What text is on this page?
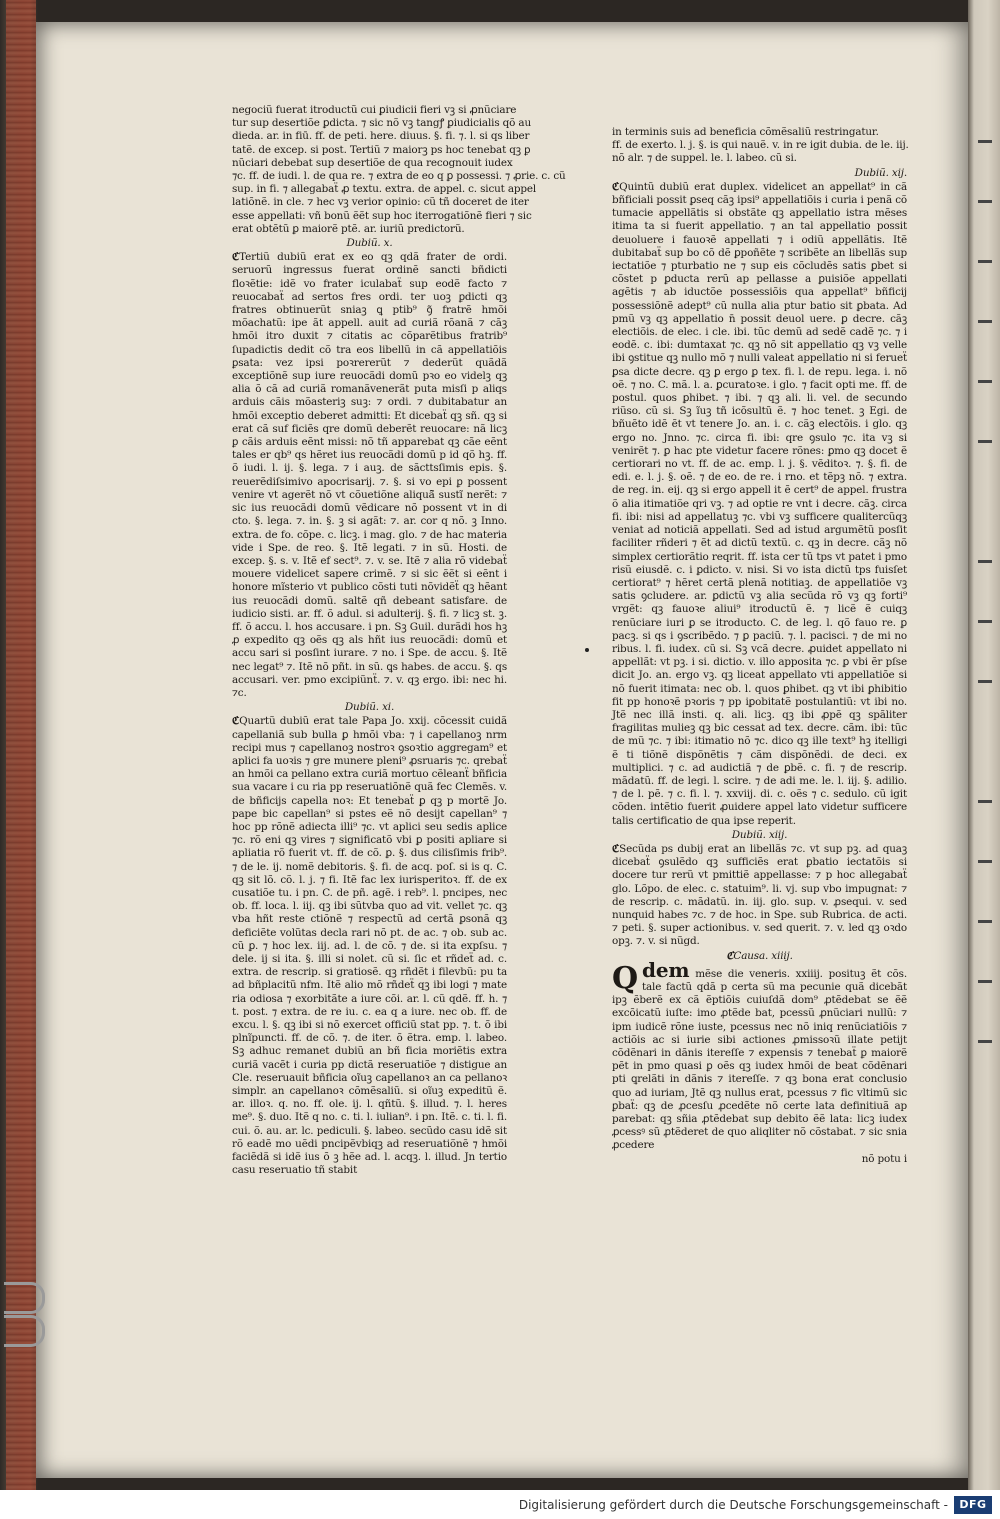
negociũ fuerat itroductũ cui ꝑiudicii fieri vꝫ si ꝓnũciare

tur sup desertiõe ꝑdicta. ⁊ sic nõ vꝫ tangꝭ ꝑiudicialis qõ au

dieda. ar. in fiū. ff. de peti. here. diuus. §. fi. ⁊. l. si qs liber

tatẽ. de excep. si post. Tertiũ ⁊ maiorꝫ ps hoc tenebat qꝫ ꝑ

nũciari debebat sup desertiõe de qua recognouit iudex

⁊c. ff. de iudi. l. de qua re. ⁊ extra de eo q ꝑ possessi. ⁊ ꝓrie. c. cũ

sup. in fi. ⁊ allegabaẗ ꝓ textu. extra. de appel. c. sicut appel

latiõnẽ. in cle. ⁊ hec vꝫ verior opinio: cũ tñ doceret de iter

esse appellati: vñ bonũ ẽẽt sup hoc iterrogatiõnẽ fieri ⁊ sic

erat obtẽtũ ꝑ maiorẽ ptẽ. ar. iuriũ predictorũ.

Dubiũ. x.

ℭTertiũ dubiũ erat ex eo qꝫ qdã frater de ordi. seruorũ ingressus fuerat ordinẽ sancti bñdicti floꝛẽtie: idẽ vo frater iculabaẗ sup eodẽ facto ⁊ reuocabaẗ ad sertos fres ordi. ter uoꝫ ꝑdicti qꝫ fratres obtinuerũt sniaꝫ ꝗ ptib⁹ ꝯ̃ fratrẽ hmõi mõachatũ: ipe ãt appell. auit ad curiã rõanã ⁊ cãꝫ hmõi itro duxit ⁊ citatis ac cõparẽtibus fratrib⁹ ſupadictis dedit cõ tra eos libellũ in cã appellatiõis ꝑsata: vez ipsi poꝛrererũt ⁊ dederũt quãdã exceptiõnẽ sup iure reuocãdi domũ pꝛo eo videlꝫ qꝫ alia õ cã ad curiã romanãvenerãt puta misſi p aliqs arduis cãis mõasteriꝫ suꝫ: ⁊ ordi. ⁊ dubitabatur an hmõi exceptio deberet admitti: Et dicebaẗ qꝫ sñ. qꝫ si erat cã suf ficiẽs qre domũ deberẽt reuocare: nã licꝫ ꝑ cãis arduis eẽnt missi: nõ tñ apparebat qꝫ cãe eẽnt tales er qb⁹ qs hẽret ius reuocãdi domũ p id qõ hꝫ. ff. õ iudi. l. ij. §. lega. ⁊ i auꝫ. de sãcttsſimis epis. §. reuerẽdiſsimivo apocrisarij. ⁊. §. si vo epi ꝑ possent venire vt agerẽt nõ vt cõuetiõne aliquã̃ sustĩ nerẽt: ⁊ sic ius reuocãdi domũ vẽdicare nõ possent vt in di cto. §. lega. ⁊. in. §. ꝫ si agãt: ⁊. ar. cor q nõ. ꝫ Inno. extra. de fo. cõpe. c. licꝫ. i mag. glo. ⁊ de hac materia vide i Spe. de reo. §. Itẽ legati. ⁊ in sũ. Hosti. de excep. §. s. v. Itẽ ef sect⁹. ⁊. v. se. Itẽ ⁊ alia rõ videbaẗ mouere videlicet sapere crimẽ. ⁊ si sic ẽẽt si eẽnt i honore mĩsterio vt publico cõsti tuti nõvidẽẗ qꝫ hẽant ius reuocãdi domũ. saltẽ qñ debeant satisfare. de iudicio sisti. ar. ff. õ adul. si adulterij. §. fi. ⁊ licꝫ st. ꝫ. ff. õ accu. l. hos accusare. i pn. Sꝫ Guil. durãdi hos hꝫ ꝓ expedito qꝫ oẽs qꝫ als hñt ius reuocãdi: domũ et accu sari si posſint iurare. ⁊ no. i Spe. de accu. §. Itẽ nec legat⁹ ⁊. Itẽ nõ pñt. in sũ. ꝗs habes. de accu. §. qs accusari. ver. pmo excipiũnẗ. ⁊. v. qꝫ ergo. ibi: nec hi. ⁊c.

Dubiũ. xi.

ℭQuartũ dubiũ erat tale Papa Jo. xxij. cõcessit cuidã capellaniã sub bulla ꝑ hmõi vba: ⁊ i capellanoꝫ nrm recipi mus ⁊ capellanoꝫ nostroꝛ ꝯsoꝛtio aggregam⁹ et aplici fa uoꝛis ⁊ gre munere pleni⁹ ꝓsruaris ⁊c. qrebaẗ an hmõi ca pellano extra curiã mortuo cẽleanẗ bñficia sua vacare i cu ria pp reseruatiõnẽ quã fec Clemẽs. v. de bñficijs capella noꝛ: Et tenebaẗ ꝑ qꝫ p mortẽ Jo. pape bic capellan⁹ si pstes eẽ nõ desijt capellan⁹ ⁊ hoc pp rõnẽ adiecta illi⁹ ⁊c. vt aplici seu sedis aplice ⁊c. rõ eni qꝫ vires ⁊ significatõ vbi ꝑ positi apliare si apliatia rõ fuerit vt. ff. de cõ. ꝑ. §. dus cilisſimis frib⁹. ⁊ de le. ij. nomẽ debitoris. §. fi. de acq. poſ. si is q. C. qꝫ sit lõ. cõ. l. j. ⁊ fi. Itẽ fac lex iurisperitoꝛ. ff. de ex cusatiõe tu. i pn. C. de pñ. agẽ. i reb⁹. l. pncipes, nec ob. ff. loca. l. iij. qꝫ ibi sũtvba quo ad vit. vellet ⁊c. qꝫ vba hñt reste ctiõnẽ ⁊ respectũ ad certã ꝑsonã qꝫ deficiẽte volũtas decla rari nõ pt. de ac. ⁊ ob. sub ac. cũ ꝑ. ⁊ hoc lex. iij. ad. l. de cõ. ⁊ de. si ita expſsu. ⁊ dele. ij si ita. §. illi si nolet. cũ si. ſic et rñdeẗ ad. c. extra. de rescrip. si gratiosẽ. qꝫ rñdẽt i filevbũ: pu ta ad bñplacitũ nfm. Itẽ alio mõ rñdeẗ qꝫ ibi logi ⁊ mate ria odiosa ⁊ exorbitãte a iure cõi. ar. l. cũ qdẽ. ff. h. ⁊ t. post. ⁊ extra. de re iu. c. ea q a iure. nec ob. ff. de excu. l. §. qꝫ ibi si nõ exercet officiũ stat pp. ⁊. t. õ ibi plnĩpuncti. ff. de cõ. ⁊. de iter. õ ẽtra. emp. l. labeo. Sꝫ adhuc remanet dubiũ an bñ ficia moriẽtis extra curiã vacẽt i curia pp dictã reseruatiõe ⁊ distigue an Cle. reseruauit bñficia oĩuꝫ capellanoꝛ an ca pellanoꝛ simplr. an capellanoꝛ cõmẽsaliũ. si oĩuꝫ expeditũ ẽ. ar. illoꝛ. q. no. ff. ole. ij. l. qñtũ. §. illud. ⁊. l. heres me⁹. §. duo. Itẽ q no. c. ti. l. iulian⁹. i pn. Itẽ. c. ti. l. fi. cui. õ. au. ar. lc. pediculi. §. labeo. secũdo casu idẽ sit rõ eadẽ mo uẽdi pncipẽvbiqꝫ ad reseruatiõnẽ ⁊ hmõi faciẽdã si idẽ ius õ ꝫ hẽe ad. l. acqꝫ. l. illud. Jn tertio casu reseruatio tñ stabit

in terminis suis ad beneficia cõmẽsaliũ restringatur.

ff. de exerto. l. j. §. is qui nauẽ. v. in re igit dubia. de le. iij.

nõ alr. ⁊ de suppel. le. l. labeo. cũ si.

Dubiũ. xij.

ℭQuintũ dubiũ erat duplex. videlicet an appellat⁹ in cã bñficiali possit ꝑseq cãꝫ ipsi⁹ appellatiõis i curia i penã cõ tumacie appellãtis si obstãte qꝫ appellatio istra mẽses itima ta si fuerit appellatio. ⁊ an tal appellatio possit deuoluere i fauoꝛẽ appellati ⁊ i odiũ appellãtis. Itẽ dubitabaẗ sup bo cõ dẽ ꝑpoñẽte ⁊ scribẽte an libellãs sup iectatiõe ⁊ pturbatio ne ⁊ sup eis cõcludẽs satis ꝑbet si cõstet p ꝑducta rerũ ap pellasse a ꝑuisiõe appellati agẽtis ⁊ ab iductõe possessiõis qua appellat⁹ bñficij possessiõnẽ adept⁹ cũ nulla alia ptur batio sit ꝑbata. Ad pmũ vꝫ qꝫ appellatio n̄ possit deuol uere. ꝑ decre. cãꝫ electiõis. de elec. i cle. ibi. tũc demũ ad sedẽ cadẽ ⁊c. ⁊ i eodẽ. c. ibi: dumtaxat ⁊c. qꝫ nõ sit appellatio qꝫ vꝫ velle ibi ꝯstitue qꝫ nullo mõ ⁊ nulli valeat appellatio ni si ferueẗ ꝑsa dicte decre. qꝫ ꝑ ergo ꝑ tex. fi. l. de repu. lega. i. nõ oẽ. ⁊ no. C. mã. l. a. ꝑcuratoꝛe. i glo. ⁊ facit opti me. ff. de postul. quos ꝑhibet. ⁊ ibi. ⁊ qꝫ ali. li. vel. de secundo riũso. cũ si. Sꝫ ĩuꝫ tñ icõsultũ ẽ. ⁊ hoc tenet. ꝫ Egi. de bñuẽto idẽ ẽt vt tenere Jo. an. i. c. cãꝫ electõis. i glo. qꝫ ergo no. Jnno. ⁊c. circa fi. ibi: qre ꝯsulo ⁊c. ita vꝫ si venirẽt ⁊. ꝑ hac pte videtur facere rõnes: ꝑmo qꝫ docet ẽ certiorari no vt. ff. de ac. emp. l. j. §. vẽditoꝛ. ⁊. §. fi. de edi. e. l. j. §. oẽ. ⁊ de eo. de re. i rno. et tẽpꝫ nõ. ⁊ extra. de reg. in. eij. qꝫ si ergo appell it ẽ cert⁹ de appel. frustra õ alia itimatiõe qri vꝫ. ⁊ ad optie re vnt i decre. cãꝫ. circa fi. ibi: nisi ad appellatuꝫ ⁊c. vbi vꝫ sufficere qualitercũqꝫ veniat ad noticiã appellati. Sed ad istud argumẽtũ posſit faciliter rñderi ⁊ ẽt ad dictũ textũ. c. qꝫ in decre. cãꝫ nõ simplex certiorãtio reqrit. ff. ista cer tũ tps vt patet i pmo risũ eiusdẽ. c. i ꝑdicto. v. nisi. Si vo ista dictũ tps fuisſet certiorat⁹ ⁊ hẽret certã plenã notitiaꝫ. de appellatiõe vꝫ satis ꝯcludere. ar. ꝑdictũ vꝫ alia secũda rõ vꝫ qꝫ forti⁹ vrgẽt: qꝫ fauoꝛe aliui⁹ itroductũ ẽ. ⁊ licẽ ẽ cuiqꝫ renũciare iuri ꝑ se itroducto. C. de leg. l. qõ fauo re. ꝑ pacꝫ. si qs i ꝯscribẽdo. ⁊ ꝑ paciũ. ⁊. l. pacisci. ⁊ de mi no ribus. l. fi. iudex. cũ si. Sꝫ vcã decre. ꝓuidet appellato ni appellãt: vt pꝫ. i si. dictio. v. illo apposita ⁊c. ꝑ vbi ẽr pſse dicit Jo. an. ergo vꝫ. qꝫ liceat appellato vti appellatiõe si nõ fuerit itimata: nec ob. l. quos ꝑhibet. qꝫ vt ibi ꝑhibitio fit pp honoꝛẽ pꝛoris ⁊ pp iꝑobitatẽ postulantiũ: vt ibi no. Jtẽ nec illã insti. q. ali. licꝫ. qꝫ ibi ꝓpẽ qꝫ spãliter fragilitas mulieꝫ qꝫ bic cessat ad tex. decre. cãm. ibi: tũc de mũ ⁊c. ⁊ ibi: itimatio nõ ⁊c. dico qꝫ ille text⁹ hꝫ itelligi ẽ ti tiõnẽ dispõnẽtis ⁊ cãm dispõnẽdi. de deci. ex multiplici. ⁊ c. ad audictiã ⁊ de ꝑbẽ. c. fi. ⁊ de rescrip. mãdatũ. ff. de legi. l. scire. ⁊ de adi me. le. l. iij. §. adilio. ⁊ de l. pẽ. ⁊ c. fi. l. ⁊. xxviij. di. c. oẽs ⁊ c. sedulo. cũ igit cõden. intẽtio fuerit ꝓuidere appel lato videtur sufficere talis certificatio de qua ipse reperit.

Dubiũ. xiij.

ℭSecũda ps dubij erat an libellãs ⁊c. vt sup pꝫ. ad quaꝫ dicebaẗ ꝯsulẽdo qꝫ sufficiẽs erat ꝑbatio iectatõis si docere tur rerũ vt pmittiẽ appellasse: ⁊ p hoc allegabaẗ glo. Lõpo. de elec. c. statuim⁹. li. vj. sup vbo impugnat: ⁊ de rescrip. c. mãdatũ. in. iij. glo. sup. v. ꝓsequi. v. sed nunquid habes ⁊c. ⁊ de hoc. in Spe. sub Rubrica. de acti. ⁊ peti. §. super actionibus. v. sed querit. ⁊. v. led qꝫ oꝛdo opꝫ. ⁊. v. si nũgd.

ℭCausa. xiiij.

Qdem mẽse die veneris. xxiiij. posituꝫ ẽt cõs. tale factũ qdã p certa sũ ma pecunie quã dicebãt ipꝫ ẽberẽ ex cã ẽptiõis cuiuſdã dom⁹ ꝓtẽdebat se ẽẽ excõicatũ iuſte: imo ꝓtẽde bat, pcessũ ꝓnũciari nullũ: ⁊ ipm iudicẽ rõne iuste, pcessus nec nõ iniq renũciatiõis ⁊ actiõis ac si iurie sibi actiones ꝓmissoꝛũ illate petijt cõdẽnari in dãnis itereſſe ⁊ expensis ⁊ tenebaẗ ꝑ maiorẽ pẽt in pmo quasi ꝑ oẽs qꝫ iudex hmõi de beat cõdẽnari pti ꝗrelãti in dãnis ⁊ itereſſe. ⁊ qꝫ bona erat conclusio quo ad iuriam, Jtẽ qꝫ nullus erat, pcessus ⁊ fic vltimũ sic ꝑbaẗ: qꝫ de ꝓcesſu ꝓcedẽte nõ certe lata definitiuã ap parebat: qꝫ sñia ꝓtẽdebat sup debito ẽẽ lata: licꝫ iudex ꝓcessꝰ sũ ꝓtẽderet de quo aliqliter nõ cõstabat. ⁊ sic snia ꝓcedere

nõ potu i

Digitalisierung gefördert durch die Deutsche Forschungsgemeinschaft -	DFG
